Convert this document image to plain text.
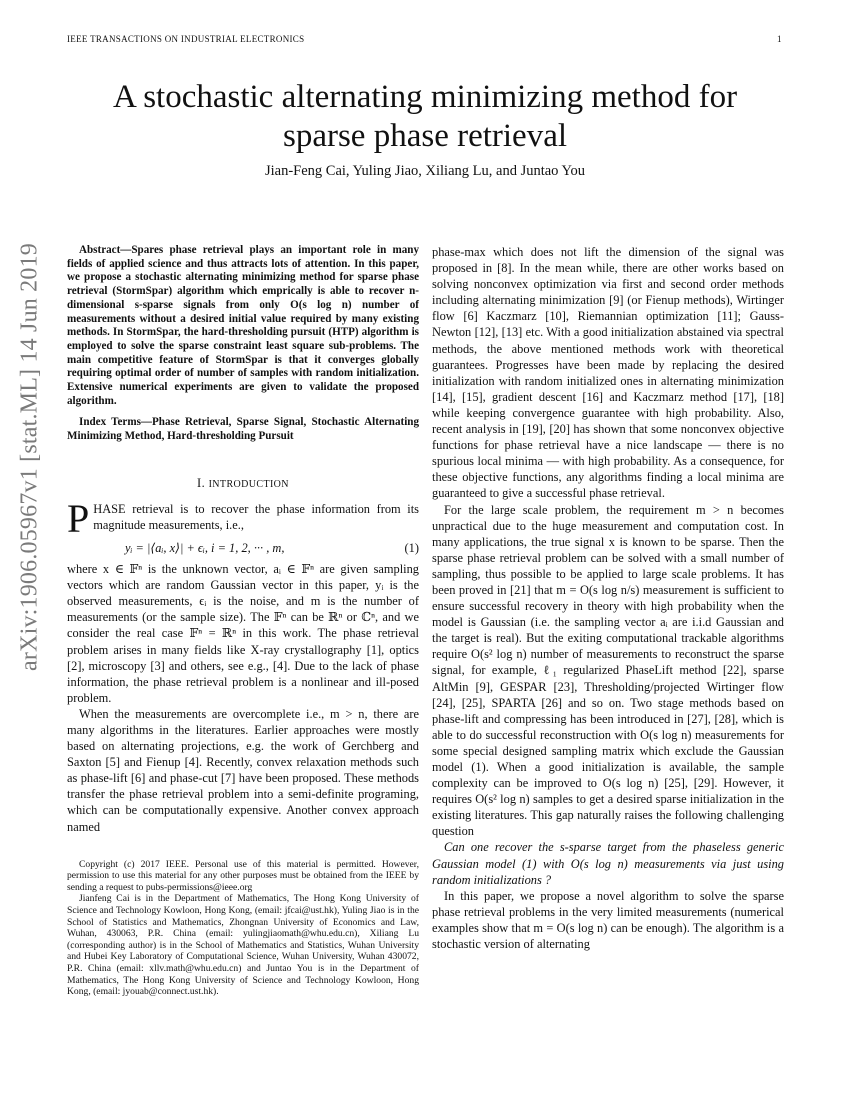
IEEE TRANSACTIONS ON INDUSTRIAL ELECTRONICS	1
A stochastic alternating minimizing method for
sparse phase retrieval
Jian-Feng Cai, Yuling Jiao, Xiliang Lu, and Juntao You
arXiv:1906.05967v1 [stat.ML] 14 Jun 2019	Abstract—Spares phase retrieval plays an important role in many fields of applied science and thus attracts lots of attention. In this paper, we propose a stochastic alternating minimizing method for sparse phase retrieval (StormSpar) algorithm which emprically is able to recover n-dimensional s-sparse signals from only O(s log n) number of measurements without a desired initial value required by many existing methods. In StormSpar, the hard-thresholding pursuit (HTP) algorithm is employed to solve the sparse constraint least square sub-problems. The main competitive feature of StormSpar is that it converges globally requiring optimal order of number of samples with random initialization. Extensive numerical experiments are given to validate the proposed algorithm.

Index Terms—Phase Retrieval, Sparse Signal, Stochastic Alternating Minimizing Method, Hard-thresholding Pursuit

I. INTRODUCTION
P HASE retrieval is to recover the phase information from its magnitude measurements, i.e.,
yᵢ = |⟨aᵢ, x⟩| + ϵᵢ, i = 1, 2, ··· , m,	(1)

where x ∈ 𝔽ⁿ is the unknown vector, aᵢ ∈ 𝔽ⁿ are given sampling vectors which are random Gaussian vector in this paper, yᵢ is the observed measurements, ϵᵢ is the noise, and m is the number of measurements (or the sample size). The 𝔽ⁿ can be ℝⁿ or ℂⁿ, and we consider the real case 𝔽ⁿ = ℝⁿ in this work. The phase retrieval problem arises in many fields like X-ray crystallography [1], optics [2], microscopy [3] and others, see e.g., [4]. Due to the lack of phase information, the phase retrieval problem is a nonlinear and ill-posed problem.

When the measurements are overcomplete i.e., m > n, there are many algorithms in the literatures. Earlier approaches were mostly based on alternating projections, e.g. the work of Gerchberg and Saxton [5] and Fienup [4]. Recently, convex relaxation methods such as phase-lift [6] and phase-cut [7] have been proposed. These methods transfer the phase retrieval problem into a semi-definite programing, which can be computationally expensive. Another convex approach named

Copyright (c) 2017 IEEE. Personal use of this material is permitted. However, permission to use this material for any other purposes must be obtained from the IEEE by sending a request to pubs-permissions@ieee.org

Jianfeng Cai is in the Department of Mathematics, The Hong Kong University of Science and Technology Kowloon, Hong Kong, (email: jfcai@ust.hk), Yuling Jiao is in the School of Statistics and Mathematics, Zhongnan University of Economics and Law, Wuhan, 430063, P.R. China (email: yulingjiaomath@whu.edu.cn), Xiliang Lu (corresponding author) is in the School of Mathematics and Statistics, Wuhan University and Hubei Key Laboratory of Computational Science, Wuhan University, Wuhan 430072, P.R. China (email: xllv.math@whu.edu.cn) and Juntao You is in the Department of Mathematics, The Hong Kong University of Science and Technology Kowloon, Hong Kong, (email: jyouab@connect.ust.hk).

phase-max which does not lift the dimension of the signal was proposed in [8]. In the mean while, there are other works based on solving nonconvex optimization via first and second order methods including alternating minimization [9] (or Fienup methods), Wirtinger flow [6] Kaczmarz [10], Riemannian optimization [11]; Gauss-Newton [12], [13] etc. With a good initialization abstained via spectral methods, the above mentioned methods work with theoretical guarantees. Progresses have been made by replacing the desired initialization with random initialized ones in alternating minimization [14], [15], gradient descent [16] and Kaczmarz method [17], [18] while keeping convergence guarantee with high probability. Also, recent analysis in [19], [20] has shown that some nonconvex objective functions for phase retrieval have a nice landscape — there is no spurious local minima — with high probability. As a consequence, for these objective functions, any algorithms finding a local minima are guaranteed to give a successful phase retrieval.

For the large scale problem, the requirement m > n becomes unpractical due to the huge measurement and computation cost. In many applications, the true signal x is known to be sparse. Then the sparse phase retrieval problem can be solved with a small number of sampling, thus possible to be applied to large scale problems. It has been proved in [21] that m = O(s log n/s) measurement is sufficient to ensure successful recovery in theory with high probability when the model is Gaussian (i.e. the sampling vector aᵢ are i.i.d Gaussian and the target is real). But the exiting computational trackable algorithms require O(s² log n) number of measurements to reconstruct the sparse signal, for example, ℓ₁ regularized PhaseLift method [22], sparse AltMin [9], GESPAR [23], Thresholding/projected Wirtinger flow [24], [25], SPARTA [26] and so on. Two stage methods based on phase-lift and compressing has been introduced in [27], [28], which is able to do successful reconstruction with O(s log n) measurements for some special designed sampling matrix which exclude the Gaussian model (1). When a good initialization is available, the sample complexity can be improved to O(s log n) [25], [29]. However, it requires O(s² log n) samples to get a desired sparse initialization in the existing literatures. This gap naturally raises the following challenging question

Can one recover the s-sparse target from the phaseless generic Gaussian model (1) with O(s log n) measurements via just using random initializations ?

In this paper, we propose a novel algorithm to solve the sparse phase retrieval problems in the very limited measurements (numerical examples show that m = O(s log n) can be enough). The algorithm is a stochastic version of alternating
